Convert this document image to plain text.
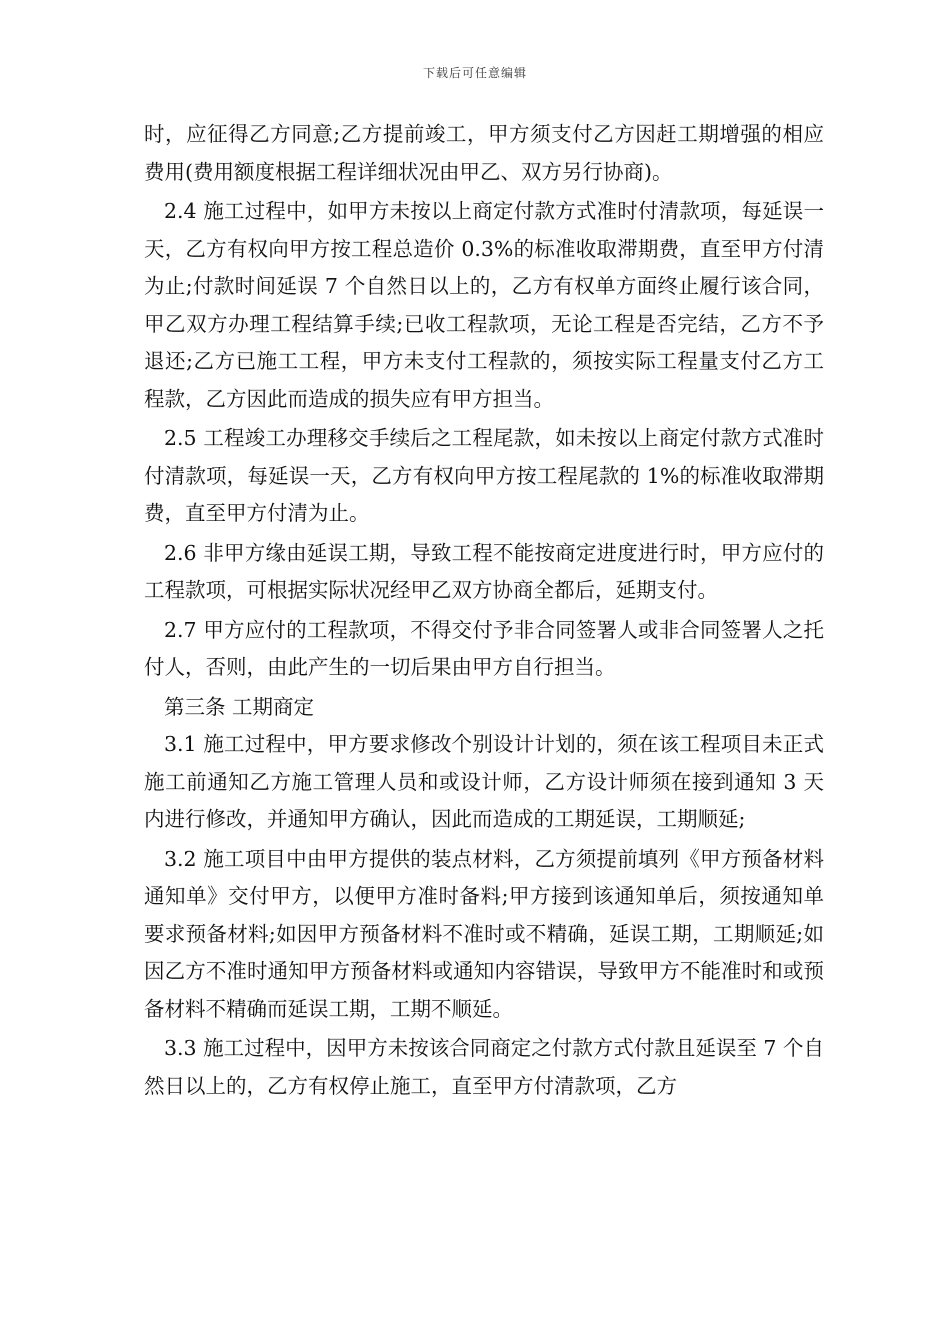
下载后可任意编辑

时，应征得乙方同意;乙方提前竣工，甲方须支付乙方因赶工期增强的相应费用(费用额度根据工程详细状况由甲乙、双方另行协商)。

2.4 施工过程中，如甲方未按以上商定付款方式准时付清款项，每延误一天，乙方有权向甲方按工程总造价 0.3%的标准收取滞期费，直至甲方付清为止;付款时间延误 7 个自然日以上的，乙方有权单方面终止履行该合同，甲乙双方办理工程结算手续;已收工程款项，无论工程是否完结，乙方不予退还;乙方已施工工程，甲方未支付工程款的，须按实际工程量支付乙方工程款，乙方因此而造成的损失应有甲方担当。

2.5 工程竣工办理移交手续后之工程尾款，如未按以上商定付款方式准时付清款项，每延误一天，乙方有权向甲方按工程尾款的 1%的标准收取滞期费，直至甲方付清为止。

2.6 非甲方缘由延误工期，导致工程不能按商定进度进行时，甲方应付的工程款项，可根据实际状况经甲乙双方协商全都后，延期支付。

2.7 甲方应付的工程款项，不得交付予非合同签署人或非合同签署人之托付人，否则，由此产生的一切后果由甲方自行担当。

第三条 工期商定

3.1 施工过程中，甲方要求修改个别设计计划的，须在该工程项目未正式施工前通知乙方施工管理人员和或设计师，乙方设计师须在接到通知 3 天内进行修改，并通知甲方确认，因此而造成的工期延误，工期顺延;

3.2 施工项目中由甲方提供的装点材料，乙方须提前填列《甲方预备材料通知单》交付甲方，以便甲方准时备料;甲方接到该通知单后，须按通知单要求预备材料;如因甲方预备材料不准时或不精确，延误工期，工期顺延;如因乙方不准时通知甲方预备材料或通知内容错误，导致甲方不能准时和或预备材料不精确而延误工期，工期不顺延。

3.3 施工过程中，因甲方未按该合同商定之付款方式付款且延误至 7 个自然日以上的，乙方有权停止施工，直至甲方付清款项，乙方
